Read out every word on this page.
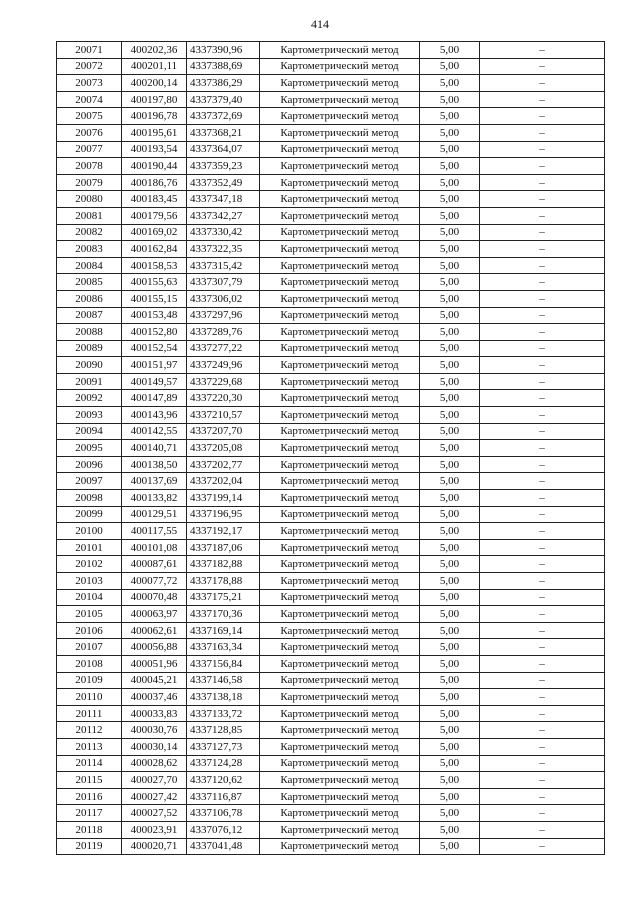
414
20071	400202,36	4337390,96	Картометрический метод	5,00	–
20072	400201,11	4337388,69	Картометрический метод	5,00	–
20073	400200,14	4337386,29	Картометрический метод	5,00	–
20074	400197,80	4337379,40	Картометрический метод	5,00	–
20075	400196,78	4337372,69	Картометрический метод	5,00	–
20076	400195,61	4337368,21	Картометрический метод	5,00	–
20077	400193,54	4337364,07	Картометрический метод	5,00	–
20078	400190,44	4337359,23	Картометрический метод	5,00	–
20079	400186,76	4337352,49	Картометрический метод	5,00	–
20080	400183,45	4337347,18	Картометрический метод	5,00	–
20081	400179,56	4337342,27	Картометрический метод	5,00	–
20082	400169,02	4337330,42	Картометрический метод	5,00	–
20083	400162,84	4337322,35	Картометрический метод	5,00	–
20084	400158,53	4337315,42	Картометрический метод	5,00	–
20085	400155,63	4337307,79	Картометрический метод	5,00	–
20086	400155,15	4337306,02	Картометрический метод	5,00	–
20087	400153,48	4337297,96	Картометрический метод	5,00	–
20088	400152,80	4337289,76	Картометрический метод	5,00	–
20089	400152,54	4337277,22	Картометрический метод	5,00	–
20090	400151,97	4337249,96	Картометрический метод	5,00	–
20091	400149,57	4337229,68	Картометрический метод	5,00	–
20092	400147,89	4337220,30	Картометрический метод	5,00	–
20093	400143,96	4337210,57	Картометрический метод	5,00	–
20094	400142,55	4337207,70	Картометрический метод	5,00	–
20095	400140,71	4337205,08	Картометрический метод	5,00	–
20096	400138,50	4337202,77	Картометрический метод	5,00	–
20097	400137,69	4337202,04	Картометрический метод	5,00	–
20098	400133,82	4337199,14	Картометрический метод	5,00	–
20099	400129,51	4337196,95	Картометрический метод	5,00	–
20100	400117,55	4337192,17	Картометрический метод	5,00	–
20101	400101,08	4337187,06	Картометрический метод	5,00	–
20102	400087,61	4337182,88	Картометрический метод	5,00	–
20103	400077,72	4337178,88	Картометрический метод	5,00	–
20104	400070,48	4337175,21	Картометрический метод	5,00	–
20105	400063,97	4337170,36	Картометрический метод	5,00	–
20106	400062,61	4337169,14	Картометрический метод	5,00	–
20107	400056,88	4337163,34	Картометрический метод	5,00	–
20108	400051,96	4337156,84	Картометрический метод	5,00	–
20109	400045,21	4337146,58	Картометрический метод	5,00	–
20110	400037,46	4337138,18	Картометрический метод	5,00	–
20111	400033,83	4337133,72	Картометрический метод	5,00	–
20112	400030,76	4337128,85	Картометрический метод	5,00	–
20113	400030,14	4337127,73	Картометрический метод	5,00	–
20114	400028,62	4337124,28	Картометрический метод	5,00	–
20115	400027,70	4337120,62	Картометрический метод	5,00	–
20116	400027,42	4337116,87	Картометрический метод	5,00	–
20117	400027,52	4337106,78	Картометрический метод	5,00	–
20118	400023,91	4337076,12	Картометрический метод	5,00	–
20119	400020,71	4337041,48	Картометрический метод	5,00	–
